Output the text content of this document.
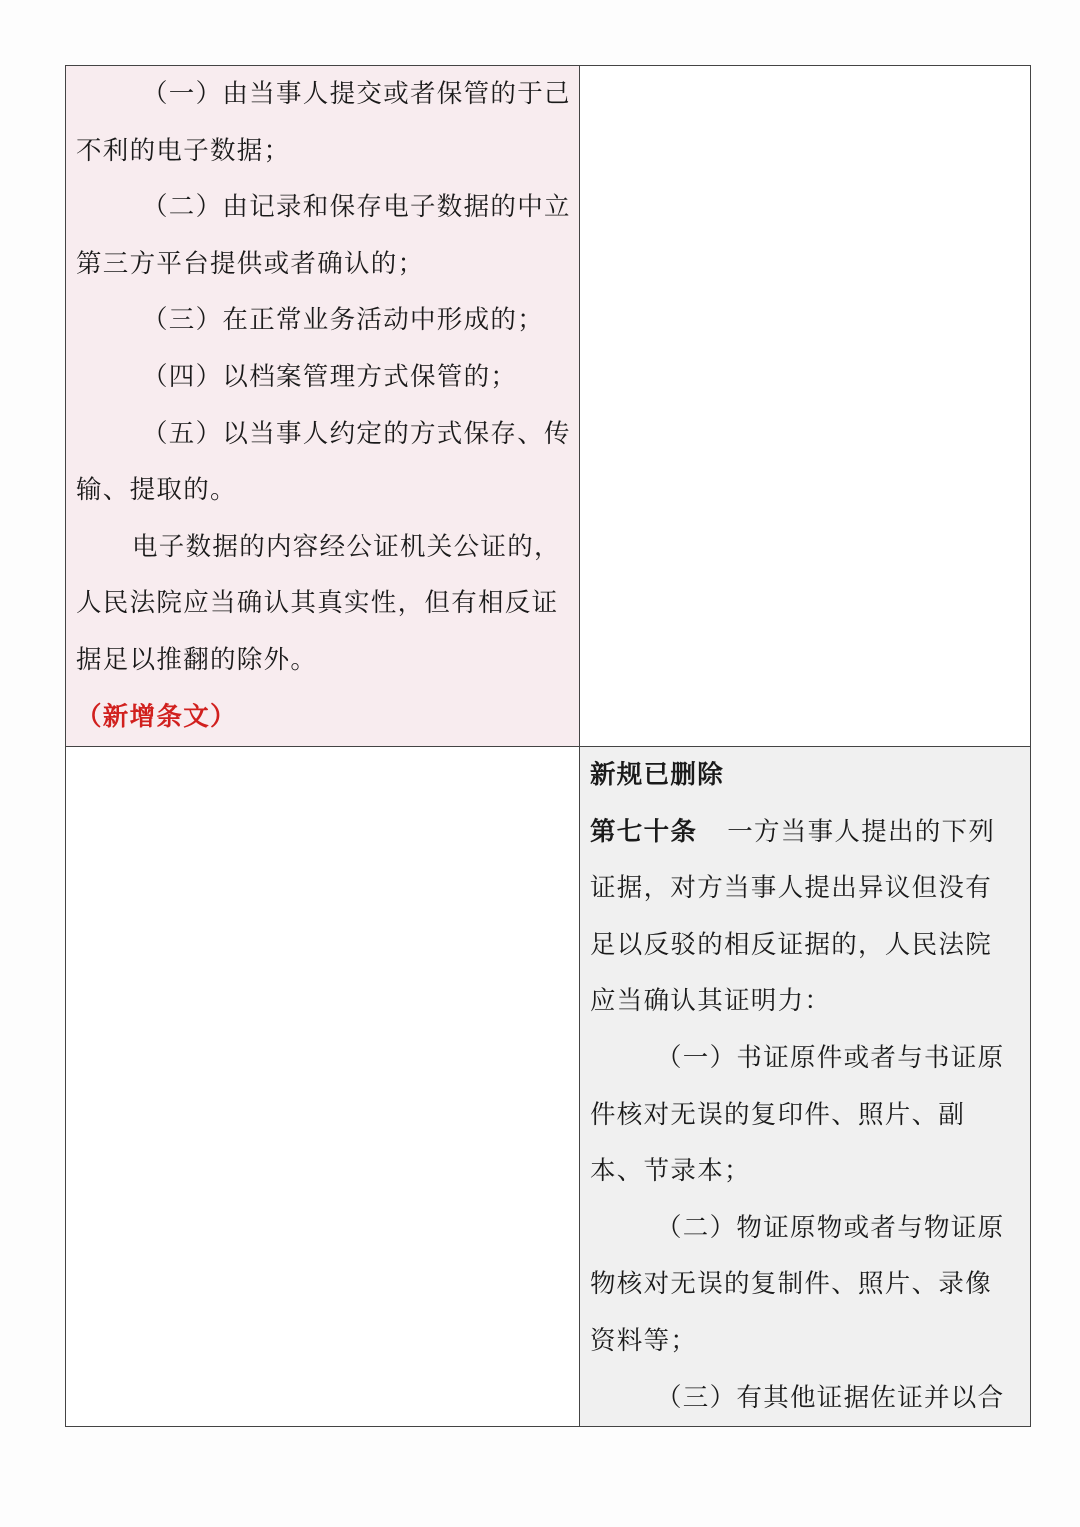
（一）由当事人提交或者保管的于己
不利的电子数据；
（二）由记录和保存电子数据的中立
第三方平台提供或者确认的；
（三）在正常业务活动中形成的；
（四）以档案管理方式保管的；
（五）以当事人约定的方式保存、传
输、提取的。
电子数据的内容经公证机关公证的，
人民法院应当确认其真实性，但有相反证
据足以推翻的除外。
（新增条文）
新规已删除
第七十条 一方当事人提出的下列
证据，对方当事人提出异议但没有
足以反驳的相反证据的，人民法院
应当确认其证明力：
（一）书证原件或者与书证原
件核对无误的复印件、照片、副
本、节录本；
（二）物证原物或者与物证原
物核对无误的复制件、照片、录像
资料等；
（三）有其他证据佐证并以合
